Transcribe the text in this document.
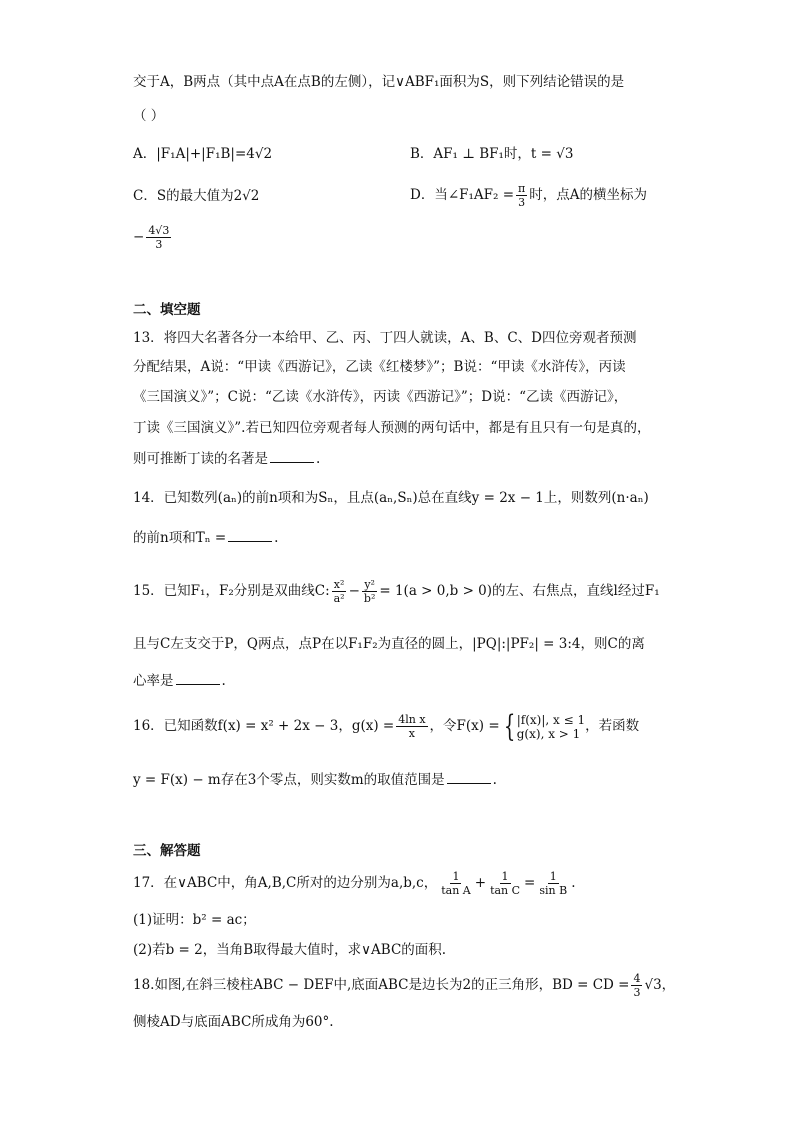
交于A，B两点（其中点A在点B的左侧），记∨ABF₁面积为S，则下列结论错误的是
（ ）
A．|F₁A|+|F₁B|=4√2	B．AF₁ ⊥ BF₁时，t = √3
C．S的最大值为2√2	D．当∠F₁AF₂ = $\frac{\pi}{3}$ 时，点A的横坐标为
− $\frac{4√3}{3}$
二、填空题
13．将四大名著各分一本给甲、乙、丙、丁四人就读，A、B、C、D四位旁观者预测
分配结果，A说：“甲读《西游记》，乙读《红楼梦》”；B说：“甲读《水浒传》，丙读
《三国演义》”；C说：“乙读《水浒传》，丙读《西游记》”；D说：“乙读《西游记》，
丁读《三国演义》”.若已知四位旁观者每人预测的两句话中，都是有且只有一句是真的，
则可推断丁读的名著是	.
14．已知数列(aₙ)的前n项和为Sₙ，且点(aₙ,Sₙ)总在直线y = 2x − 1上，则数列(n·aₙ)
的前n项和Tₙ =	.
15．已知F₁，F₂分别是双曲线C: $\frac{\text{x²}}{\text{a²}} - \frac{\text{y²}}{\text{b²}} = 1(a > 0,b > 0)$的左、右焦点，直线l经过F₁
且与C左支交于P，Q两点，点P在以F₁F₂为直径的圆上，|PQ|:|PF₂| = 3:4，则C的离
心率是	.
16．已知函数f(x) = x² + 2x − 3，$g(x) = \frac{\text{4ln x}}{x}$ ，令F(x) = { |f(x)|, x ≤ 1
g(x), x > 1 ，若函数
y = F(x) − m存在3个零点，则实数m的取值范围是	.
三、解答题
17．在∨ABC中，角A,B,C所对的边分别为a,b,c， $\frac{1}{\text{tan A}} + \frac{1}{\text{tan C}} = \frac{1}{\text{sin B}}$ .
(1)证明：b² = ac；
(2)若b = 2，当角B取得最大值时，求∨ABC的面积.
18.如图,在斜三棱柱ABC − DEF中,底面ABC是边长为2的正三角形，BD = CD = $\frac{4}{3} √3$，
侧棱AD与底面ABC所成角为60°.
